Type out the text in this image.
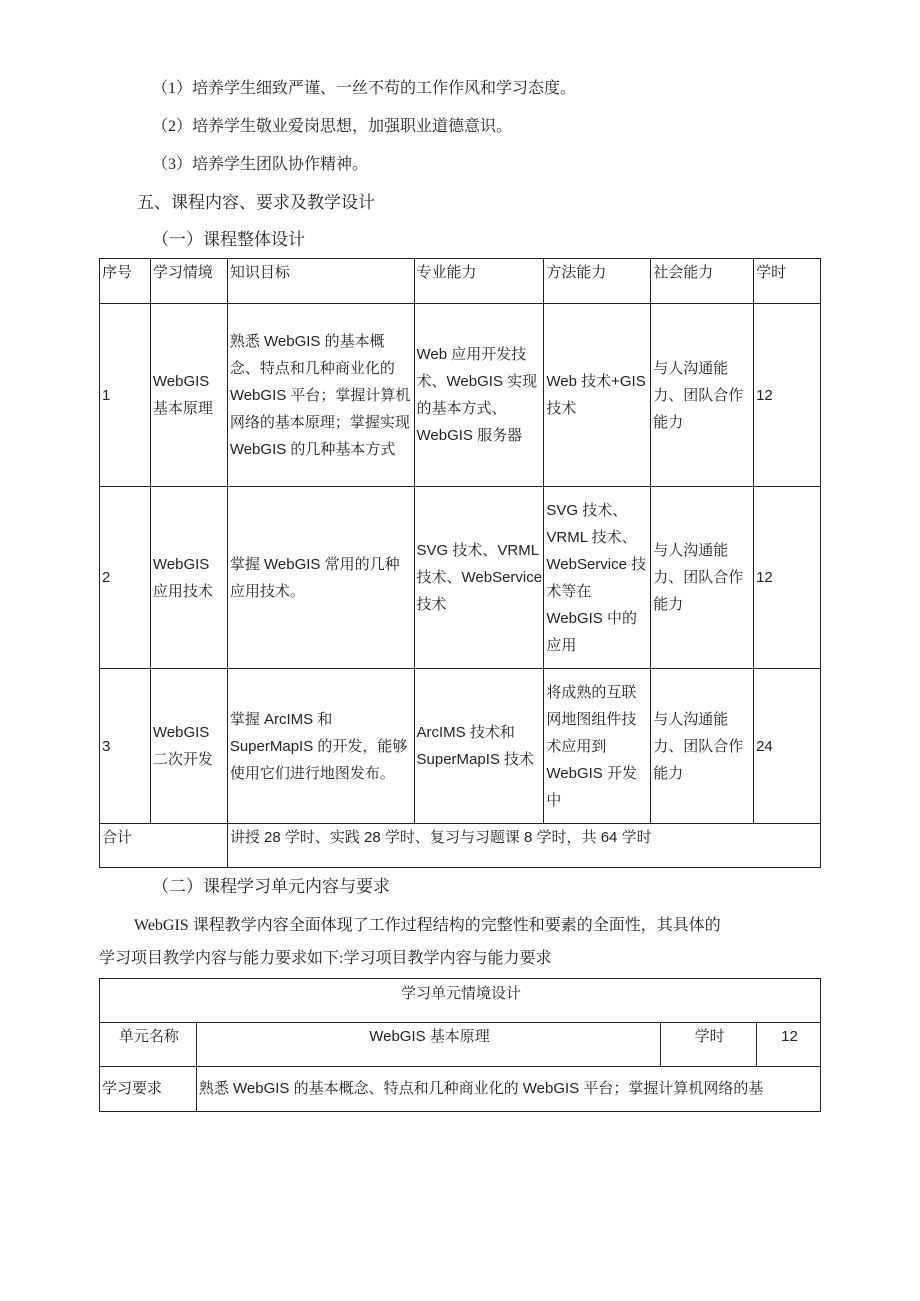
（1）培养学生细致严谨、一丝不苟的工作作风和学习态度。
（2）培养学生敬业爱岗思想，加强职业道德意识。
（3）培养学生团队协作精神。
五、课程内容、要求及教学设计
（一）课程整体设计
序号	学习情境	知识目标	专业能力	方法能力	社会能力	学时
1	WebGIS 基本原理	熟悉 WebGIS 的基本概念、特点和几种商业化的 WebGIS 平台；掌握计算机网络的基本原理；掌握实现 WebGIS 的几种基本方式	Web 应用开发技术、WebGIS 实现的基本方式、WebGIS 服务器	Web 技术+GIS 技术	与人沟通能力、团队合作能力	12
2	WebGIS 应用技术	掌握 WebGIS 常用的几种应用技术。	SVG 技术、VRML 技术、WebService 技术	SVG 技术、VRML 技术、WebService 技术等在 WebGIS 中的应用	与人沟通能力、团队合作能力	12
3	WebGIS 二次开发	掌握 ArcIMS 和 SuperMapIS 的开发，能够使用它们进行地图发布。	ArcIMS 技术和 SuperMapIS 技术	将成熟的互联网地图组件技术应用到 WebGIS 开发中	与人沟通能力、团队合作能力	24
合计		讲授 28 学时、实践 28 学时、复习与习题课 8 学时，共 64 学时				
（二）课程学习单元内容与要求
WebGIS 课程教学内容全面体现了工作过程结构的完整性和要素的全面性，其具体的
学习项目教学内容与能力要求如下:学习项目教学内容与能力要求
学习单元情境设计			
单元名称	WebGIS 基本原理	学时	12
学习要求	熟悉 WebGIS 的基本概念、特点和几种商业化的 WebGIS 平台；掌握计算机网络的基		
